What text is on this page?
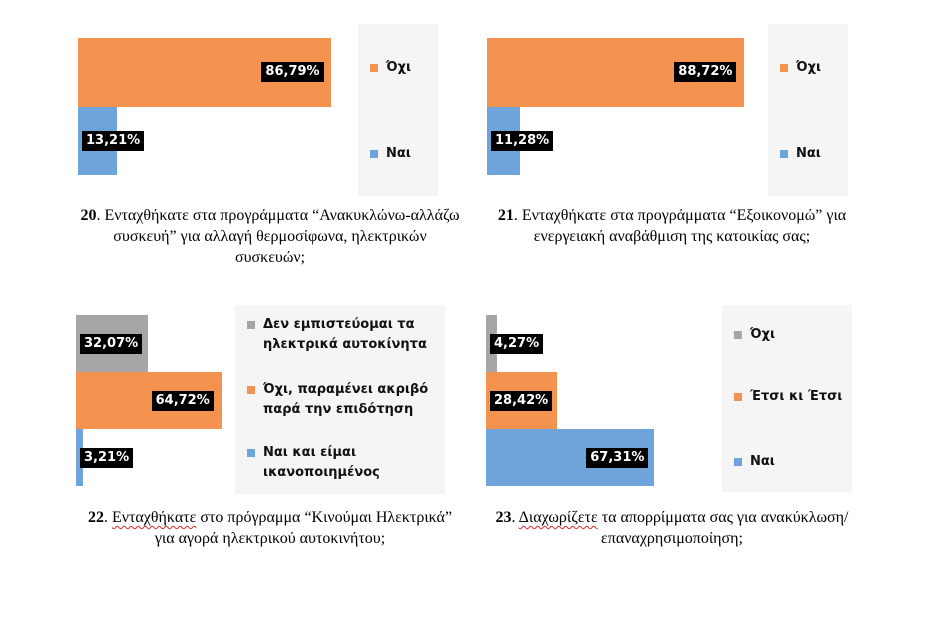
86,79%
13,21%
Όχι
Ναι
20. Ενταχθήκατε στα προγράμματα “Ανακυκλώνω-αλλάζω συσκευή” για αλλαγή θερμοσίφωνα, ηλεκτρικών συσκευών;
88,72%
11,28%
Όχι
Ναι
21. Ενταχθήκατε στα προγράμματα “Εξοικονομώ” για ενεργειακή αναβάθμιση της κατοικίας σας;
32,07%
64,72%
3,21%
Δεν εμπιστεύομαι τα
ηλεκτρικά αυτοκίνητα
Όχι, παραμένει ακριβό
παρά την επιδότηση
Ναι και είμαι
ικανοποιημένος
22. Ενταχθήκατε στο πρόγραμμα “Κινούμαι Ηλεκτρικά” για αγορά ηλεκτρικού αυτοκινήτου;
4,27%
28,42%
67,31%
Όχι
Έτσι κι Έτσι
Ναι
23. Διαχωρίζετε τα απορρίμματα σας για ανακύκλωση/επαναχρησιμοποίηση;
